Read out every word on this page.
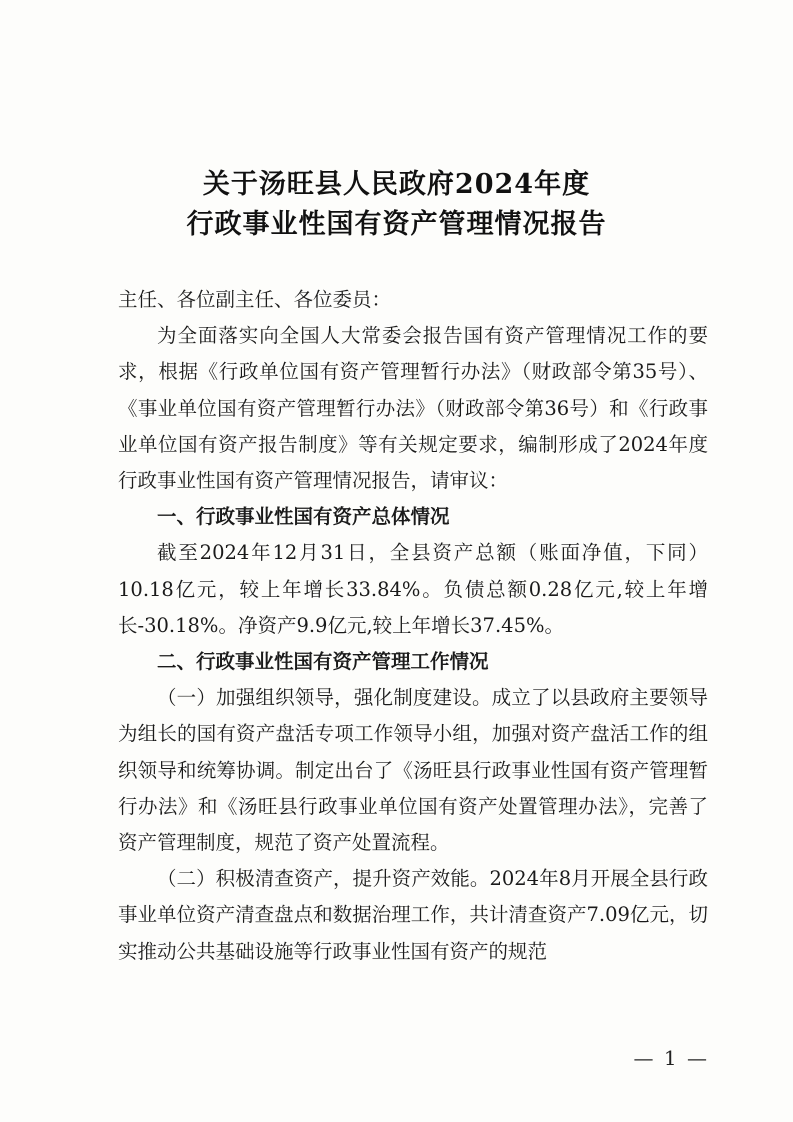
关于汤旺县人民政府2024年度
行政事业性国有资产管理情况报告

主任、各位副主任、各位委员：

为全面落实向全国人大常委会报告国有资产管理情况工作的要求，根据《行政单位国有资产管理暂行办法》（财政部令第35号）、《事业单位国有资产管理暂行办法》（财政部令第36号）和《行政事业单位国有资产报告制度》等有关规定要求，编制形成了2024年度行政事业性国有资产管理情况报告，请审议：

一、行政事业性国有资产总体情况

截至2024年12月31日，全县资产总额（账面净值，下同）10.18亿元，较上年增长33.84%。负债总额0.28亿元,较上年增长-30.18%。净资产9.9亿元,较上年增长37.45%。

二、行政事业性国有资产管理工作情况

（一）加强组织领导，强化制度建设。成立了以县政府主要领导为组长的国有资产盘活专项工作领导小组，加强对资产盘活工作的组织领导和统筹协调。制定出台了《汤旺县行政事业性国有资产管理暂行办法》和《汤旺县行政事业单位国有资产处置管理办法》，完善了资产管理制度，规范了资产处置流程。

（二）积极清查资产，提升资产效能。2024年8月开展全县行政事业单位资产清查盘点和数据治理工作，共计清查资产7.09亿元，切实推动公共基础设施等行政事业性国有资产的规范

— 1 —
